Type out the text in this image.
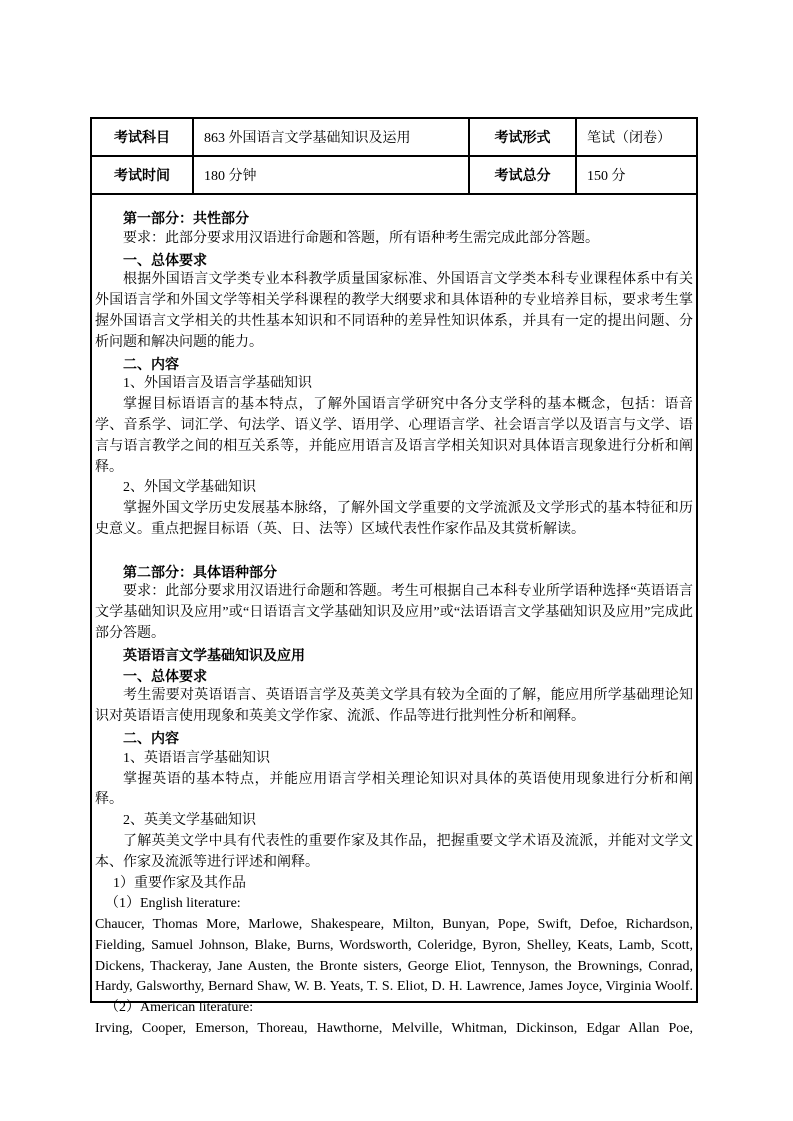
考试科目	863 外国语言文学基础知识及运用	考试形式	笔试（闭卷）
考试时间	180 分钟	考试总分	150 分
第一部分：共性部分
要求：此部分要求用汉语进行命题和答题，所有语种考生需完成此部分答题。
一、总体要求
根据外国语言文学类专业本科教学质量国家标准、外国语言文学类本科专业课程体系中有关外国语言学和外国文学等相关学科课程的教学大纲要求和具体语种的专业培养目标，要求考生掌握外国语言文学相关的共性基本知识和不同语种的差异性知识体系，并具有一定的提出问题、分析问题和解决问题的能力。
二、内容
1、外国语言及语言学基础知识
掌握目标语语言的基本特点，了解外国语言学研究中各分支学科的基本概念，包括：语音学、音系学、词汇学、句法学、语义学、语用学、心理语言学、社会语言学以及语言与文学、语言与语言教学之间的相互关系等，并能应用语言及语言学相关知识对具体语言现象进行分析和阐释。
2、外国文学基础知识
掌握外国文学历史发展基本脉络，了解外国文学重要的文学流派及文学形式的基本特征和历史意义。重点把握目标语（英、日、法等）区域代表性作家作品及其赏析解读。

第二部分：具体语种部分
要求：此部分要求用汉语进行命题和答题。考生可根据自己本科专业所学语种选择“英语语言文学基础知识及应用”或“日语语言文学基础知识及应用”或“法语语言文学基础知识及应用”完成此部分答题。
英语语言文学基础知识及应用
一、总体要求
考生需要对英语语言、英语语言学及英美文学具有较为全面的了解，能应用所学基础理论知识对英语语言使用现象和英美文学作家、流派、作品等进行批判性分析和阐释。
二、内容
1、英语语言学基础知识
掌握英语的基本特点，并能应用语言学相关理论知识对具体的英语使用现象进行分析和阐释。
2、英美文学基础知识
了解英美文学中具有代表性的重要作家及其作品，把握重要文学术语及流派，并能对文学文本、作家及流派等进行评述和阐释。
1）重要作家及其作品
（1）English literature:
Chaucer, Thomas More, Marlowe, Shakespeare, Milton, Bunyan, Pope, Swift, Defoe, Richardson, Fielding, Samuel Johnson, Blake, Burns, Wordsworth, Coleridge, Byron, Shelley, Keats, Lamb, Scott, Dickens, Thackeray, Jane Austen, the Bronte sisters, George Eliot, Tennyson, the Brownings, Conrad, Hardy, Galsworthy, Bernard Shaw, W. B. Yeats, T. S. Eliot, D. H. Lawrence, James Joyce, Virginia Woolf.
（2）American literature:
Irving, Cooper, Emerson, Thoreau, Hawthorne, Melville, Whitman, Dickinson, Edgar Allan Poe,
